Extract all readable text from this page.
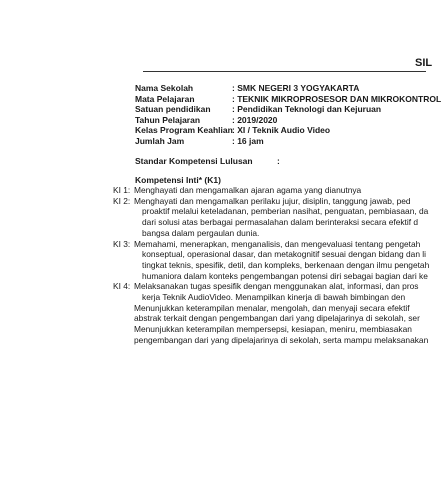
SIL
Nama Sekolah	: SMK NEGERI 3 YOGYAKARTA
Mata Pelajaran	: TEKNIK MIKROPROSESOR DAN MIKROKONTROL
Satuan pendidikan	: Pendidikan Teknologi dan Kejuruan
Tahun Pelajaran	: 2019/2020
Kelas Program Keahlian : XI / Teknik Audio Video
Jumlah Jam	: 16 jam
Standar Kompetensi Lulusan	:
Kompetensi Inti* (K1)
KI 1: Menghayati dan mengamalkan ajaran agama yang dianutnya
KI 2: Menghayati dan mengamalkan perilaku jujur, disiplin, tanggung jawab, ped
proaktif melalui keteladanan, pemberian nasihat, penguatan, pembiasaan, da
dari solusi atas berbagai permasalahan dalam berinteraksi secara efektif d
bangsa dalam pergaulan dunia.
KI 3: Memahami, menerapkan, menganalisis, dan mengevaluasi tentang pengetah
konseptual, operasional dasar, dan metakognitif sesuai dengan bidang dan li
tingkat teknis, spesifik, detil, dan kompleks, berkenaan dengan ilmu pengetah
humaniora dalam konteks pengembangan potensi diri sebagai bagian dari ke
KI 4: Melaksanakan tugas spesifik dengan menggunakan alat, informasi, dan pros
kerja Teknik AudioVideo. Menampilkan kinerja di bawah bimbingan den
Menunjukkan keterampilan menalar, mengolah, dan menyaji secara efektif
abstrak terkait dengan pengembangan dari yang dipelajarinya di sekolah, ser
Menunjukkan keterampilan mempersepsi, kesiapan, meniru, membiasakan
pengembangan dari yang dipelajarinya di sekolah, serta mampu melaksanakan
